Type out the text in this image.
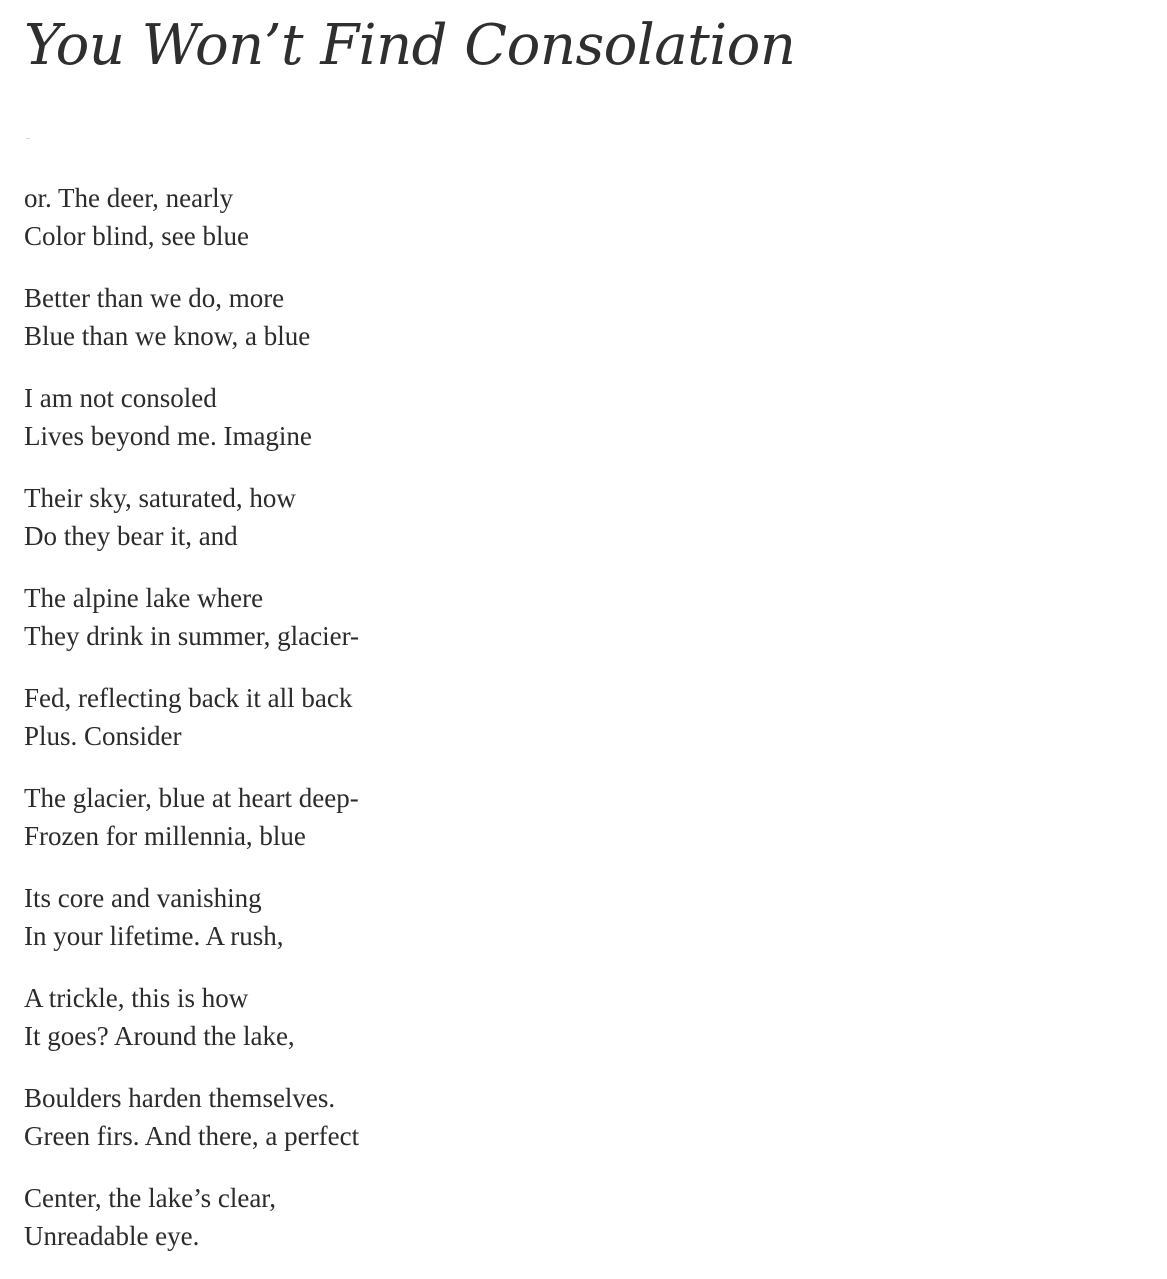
You Won’t Find Consolation
or. The deer, nearly
Color blind, see blue
Better than we do, more
Blue than we know, a blue
I am not consoled
Lives beyond me. Imagine
Their sky, saturated, how
Do they bear it, and
The alpine lake where
They drink in summer, glacier-
Fed, reflecting back it all back
Plus. Consider
The glacier, blue at heart deep-
Frozen for millennia, blue
Its core and vanishing
In your lifetime. A rush,
A trickle, this is how
It goes? Around the lake,
Boulders harden themselves.
Green firs. And there, a perfect
Center, the lake’s clear,
Unreadable eye.
